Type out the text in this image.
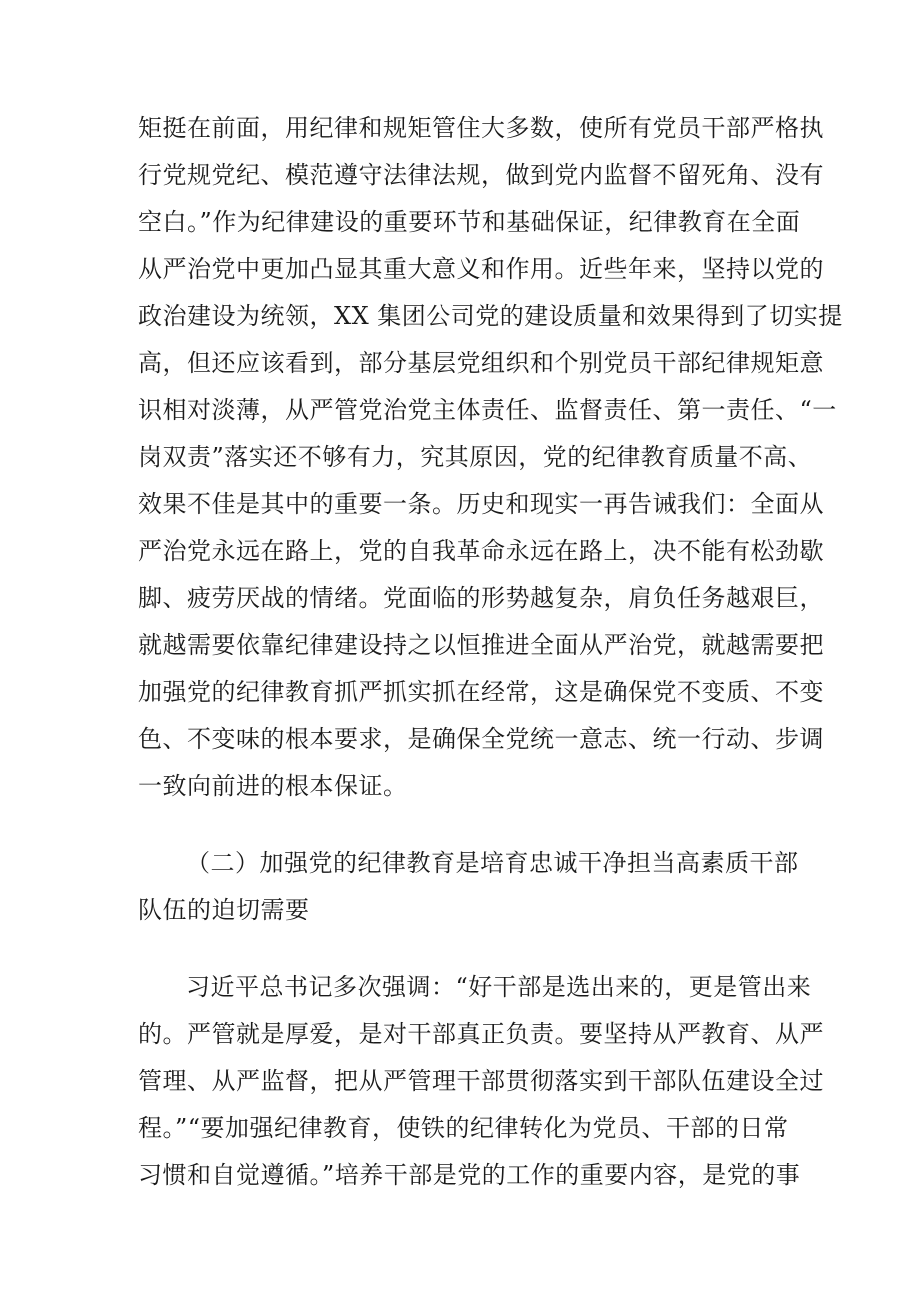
矩挺在前面，用纪律和规矩管住大多数，使所有党员干部严格执
行党规党纪、模范遵守法律法规，做到党内监督不留死角、没有
空白。”作为纪律建设的重要环节和基础保证，纪律教育在全面
从严治党中更加凸显其重大意义和作用。近些年来，坚持以党的
政治建设为统领，XX 集团公司党的建设质量和效果得到了切实提
高，但还应该看到，部分基层党组织和个别党员干部纪律规矩意
识相对淡薄，从严管党治党主体责任、监督责任、第一责任、“一
岗双责”落实还不够有力，究其原因，党的纪律教育质量不高、
效果不佳是其中的重要一条。历史和现实一再告诫我们：全面从
严治党永远在路上，党的自我革命永远在路上，决不能有松劲歇
脚、疲劳厌战的情绪。党面临的形势越复杂，肩负任务越艰巨，
就越需要依靠纪律建设持之以恒推进全面从严治党，就越需要把
加强党的纪律教育抓严抓实抓在经常，这是确保党不变质、不变
色、不变味的根本要求，是确保全党统一意志、统一行动、步调
一致向前进的根本保证。
（二）加强党的纪律教育是培育忠诚干净担当高素质干部
队伍的迫切需要
习近平总书记多次强调：“好干部是选出来的，更是管出来
的。严管就是厚爱，是对干部真正负责。要坚持从严教育、从严
管理、从严监督，把从严管理干部贯彻落实到干部队伍建设全过
程。”“要加强纪律教育，使铁的纪律转化为党员、干部的日常
习惯和自觉遵循。”培养干部是党的工作的重要内容，是党的事
